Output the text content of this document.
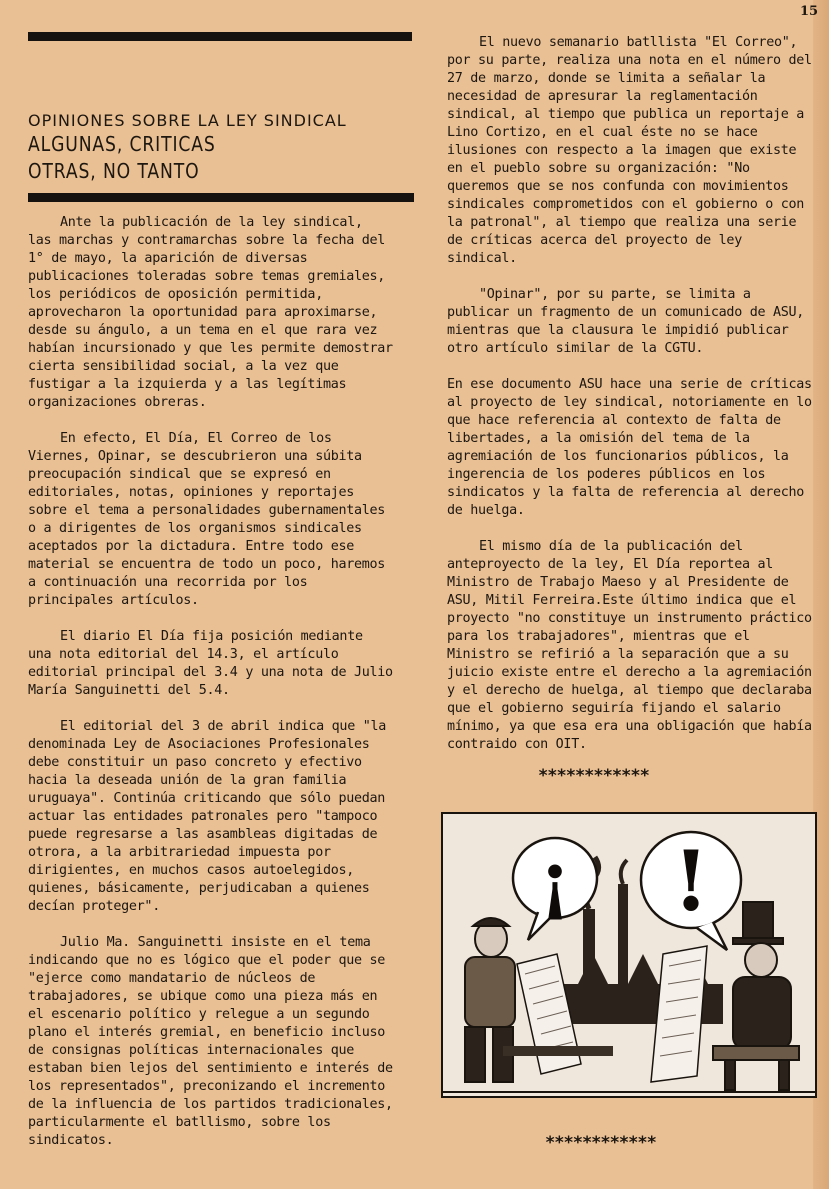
15
OPINIONES SOBRE LA LEY SINDICAL
ALGUNAS, CRITICAS
OTRAS, NO TANTO

Ante la publicación de la ley sindical, las marchas y contramarchas sobre la fecha del 1° de mayo, la aparición de diversas publicaciones toleradas sobre temas gremiales, los periódicos de oposición permitida, aprovecharon la oportunidad para aproximarse, desde su ángulo, a un tema en el que rara vez habían incursionado y que les permite demostrar cierta sensibilidad social, a la vez que fustigar a la izquierda y a las legítimas organizaciones obreras.

En efecto, El Día, El Correo de los Viernes, Opinar, se descubrieron una súbita preocupación sindical que se expresó en editoriales, notas, opiniones y reportajes sobre el tema a personalidades gubernamentales o a dirigentes de los organismos sindicales aceptados por la dictadura. Entre todo ese material se encuentra de todo un poco, haremos a continuación una recorrida por los principales artículos.

El diario El Día fija posición mediante una nota editorial del 14.3, el artículo editorial principal del 3.4 y una nota de Julio María Sanguinetti del 5.4.

El editorial del 3 de abril indica que "la denominada Ley de Asociaciones Profesionales debe constituir un paso concreto y efectivo hacia la deseada unión de la gran familia uruguaya". Continúa criticando que sólo puedan actuar las entidades patronales pero "tampoco puede regresarse a las asambleas digitadas de otrora, a la arbitrariedad impuesta por dirigientes, en muchos casos autoelegidos, quienes, básicamente, perjudicaban a quienes decían proteger".

Julio Ma. Sanguinetti insiste en el tema indicando que no es lógico que el poder que se "ejerce como mandatario de núcleos de trabajadores, se ubique como una pieza más en el escenario político y relegue a un segundo plano el interés gremial, en beneficio incluso de consignas políticas internacionales que estaban bien lejos del sentimiento e interés de los representados", preconizando el incremento de la influencia de los partidos tradicionales, particularmente el batllismo, sobre los sindicatos.

El nuevo semanario batllista "El Correo", por su parte, realiza una nota en el número del 27 de marzo, donde se limita a señalar la necesidad de apresurar la reglamentación sindical, al tiempo que publica un reportaje a Lino Cortizo, en el cual éste no se hace ilusiones con respecto a la imagen que existe en el pueblo sobre su organización: "No queremos que se nos confunda con movimientos sindicales comprometidos con el gobierno o con la patronal", al tiempo que realiza una serie de críticas acerca del proyecto de ley sindical.

"Opinar", por su parte, se limita a publicar un fragmento de un comunicado de ASU, mientras que la clausura le impidió publicar otro artículo similar de la CGTU.

En ese documento ASU hace una serie de críticas al proyecto de ley sindical, notoriamente en lo que hace referencia al contexto de falta de libertades, a la omisión del tema de la agremiación de los funcionarios públicos, la ingerencia de los poderes públicos en los sindicatos y la falta de referencia al derecho de huelga.

El mismo día de la publicación del anteproyecto de la ley, El Día reportea al Ministro de Trabajo Maeso y al Presidente de ASU, Mitil Ferreira.Este último indica que el proyecto "no constituye un instrumento práctico para los trabajadores", mientras que el Ministro se refirió a la separación que a su juicio existe entre el derecho a la agremiación y el derecho de huelga, al tiempo que declaraba que el gobierno seguiría fijando el salario mínimo, ya que esa era una obligación que había contraido con OIT.

************
¡ !
************
